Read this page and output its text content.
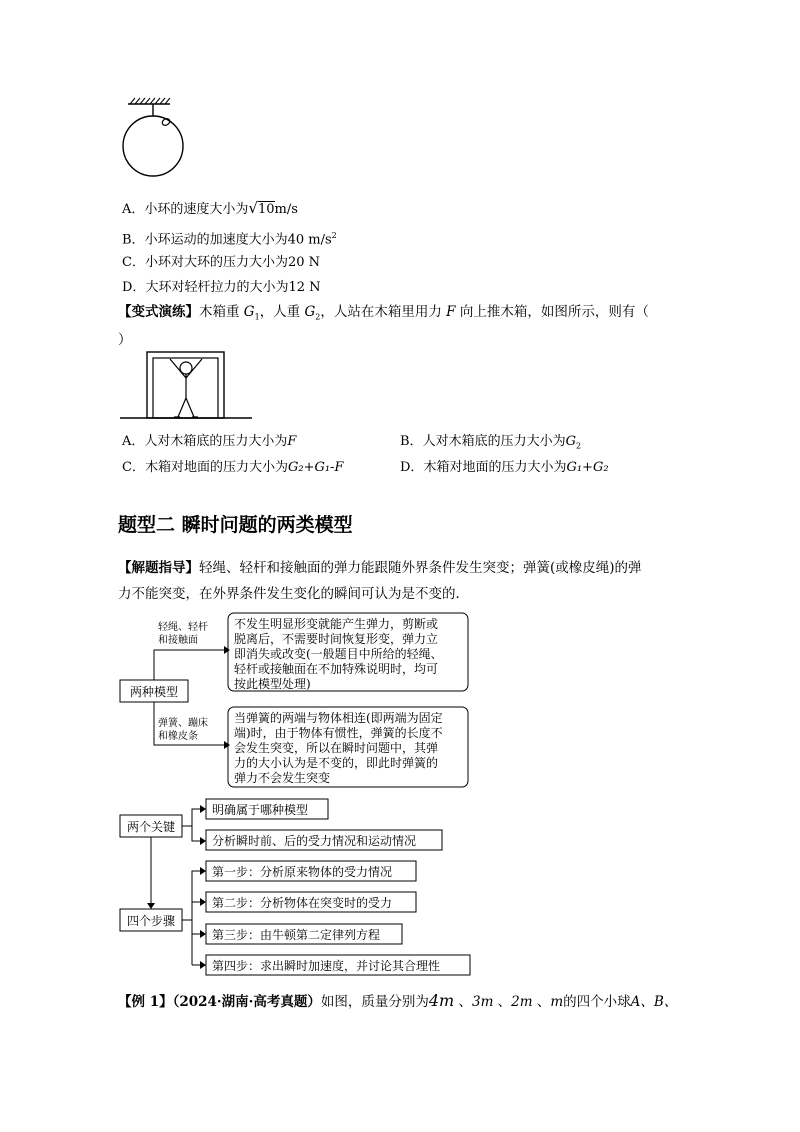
A．小环的速度大小为√10m/s
B．小环运动的加速度大小为40 $m/s^2$
C．小环对大环的压力大小为20 N
D．大环对轻杆拉力的大小为12 N
【变式演练】木箱重 $G_1$，人重 $G_2$，人站在木箱里用力 F 向上推木箱，如图所示，则有（
）
A．人对木箱底的压力大小为F	B．人对木箱底的压力大小为$G_2$
C．木箱对地面的压力大小为G₂+G₁-F	D．木箱对地面的压力大小为G₁+G₂
题型二 瞬时问题的两类模型
【解题指导】轻绳、轻杆和接触面的弹力能跟随外界条件发生突变；弹簧(或橡皮绳)的弹
力不能突变，在外界条件发生变化的瞬间可认为是不变的．
两种模型
轻绳、轻杆
和接触面
不发生明显形变就能产生弹力，剪断或
脱离后，不需要时间恢复形变，弹力立
即消失或改变(一般题目中所给的轻绳、
轻杆或接触面在不加特殊说明时，均可
按此模型处理)
弹簧、蹦床
和橡皮条
当弹簧的两端与物体相连(即两端为固定
端)时，由于物体有惯性，弹簧的长度不
会发生突变，所以在瞬时问题中，其弹
力的大小认为是不变的，即此时弹簧的
弹力不会发生突变
两个关键
明确属于哪种模型
分析瞬时前、后的受力情况和运动情况
四个步骤
第一步：分析原来物体的受力情况
第二步：分析物体在突变时的受力
第三步：由牛顿第二定律列方程
第四步：求出瞬时加速度，并讨论其合理性
【例 1】（2024·湖南·高考真题）如图，质量分别为4m 、3m 、2m 、m的四个小球A、B、
